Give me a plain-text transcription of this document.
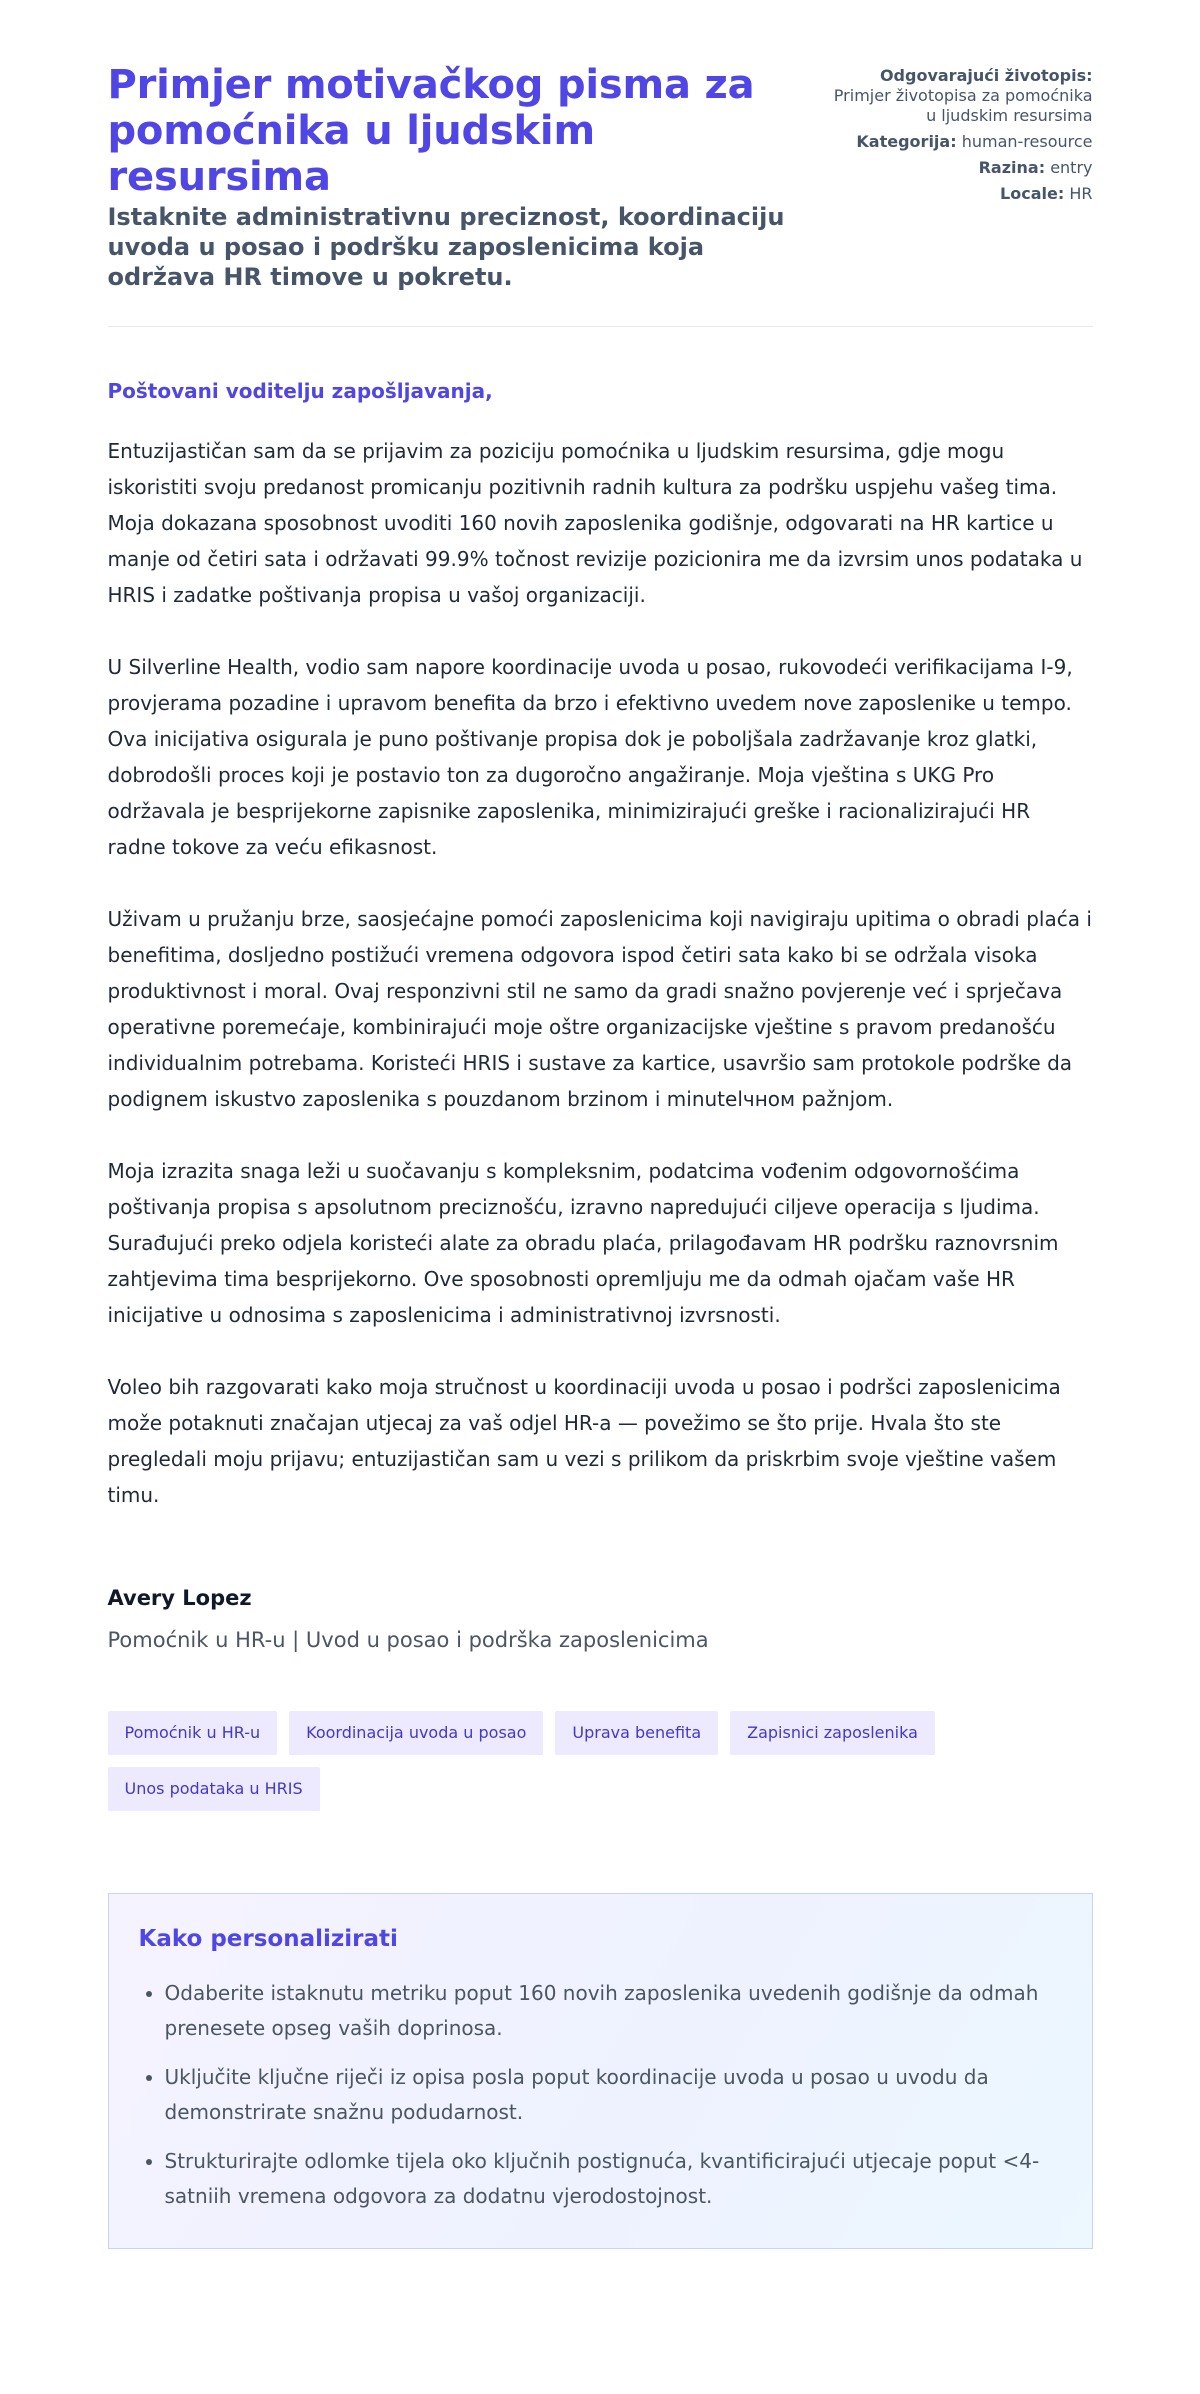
Primjer motivačkog pisma za pomoćnika u ljudskim resursima
Istaknite administrativnu preciznost, koordinaciju uvoda u posao i podršku zaposlenicima koja održava HR timove u pokretu.
Odgovarajući životopis:
Primjer životopisa za pomoćnika u ljudskim resursima
Kategorija: human-resource
Razina: entry
Locale: HR

Poštovani voditelju zapošljavanja,

Entuzijastičan sam da se prijavim za poziciju pomoćnika u ljudskim resursima, gdje mogu iskoristiti svoju predanost promicanju pozitivnih radnih kultura za podršku uspjehu vašeg tima. Moja dokazana sposobnost uvoditi 160 novih zaposlenika godišnje, odgovarati na HR kartice u manje od četiri sata i održavati 99.9% točnost revizije pozicionira me da izvrsim unos podataka u HRIS i zadatke poštivanja propisa u vašoj organizaciji.

U Silverline Health, vodio sam napore koordinacije uvoda u posao, rukovodeći verifikacijama I-9, provjerama pozadine i upravom benefita da brzo i efektivno uvedem nove zaposlenike u tempo. Ova inicijativa osigurala je puno poštivanje propisa dok je poboljšala zadržavanje kroz glatki, dobrodošli proces koji je postavio ton za dugoročno angažiranje. Moja vještina s UKG Pro održavala je besprijekorne zapisnike zaposlenika, minimizirajući greške i racionalizirajući HR radne tokove za veću efikasnost.

Uživam u pružanju brze, saosjećajne pomoći zaposlenicima koji navigiraju upitima o obradi plaća i benefitima, dosljedno postižući vremena odgovora ispod četiri sata kako bi se održala visoka produktivnost i moral. Ovaj responzivni stil ne samo da gradi snažno povjerenje već i sprječava operativne poremećaje, kombinirajući moje oštre organizacijske vještine s pravom predanošću individualnim potrebama. Koristeći HRIS i sustave za kartice, usavršio sam protokole podrške da podignem iskustvo zaposlenika s pouzdanom brzinom i minutelчном pažnjom.

Moja izrazita snaga leži u suočavanju s kompleksnim, podatcima vođenim odgovornošćima poštivanja propisa s apsolutnom preciznošću, izravno napredujući ciljeve operacija s ljudima. Surađujući preko odjela koristeći alate za obradu plaća, prilagođavam HR podršku raznovrsnim zahtjevima tima besprijekorno. Ove sposobnosti opremljuju me da odmah ojačam vaše HR inicijative u odnosima s zaposlenicima i administrativnoj izvrsnosti.

Voleo bih razgovarati kako moja stručnost u koordinaciji uvoda u posao i podršci zaposlenicima može potaknuti značajan utjecaj za vaš odjel HR-a — povežimo se što prije. Hvala što ste pregledali moju prijavu; entuzijastičan sam u vezi s prilikom da priskrbim svoje vještine vašem timu.

Avery Lopez
Pomoćnik u HR-u | Uvod u posao i podrška zaposlenicima
Pomoćnik u HR-u	Koordinacija uvoda u posao	Uprava benefita	Zapisnici zaposlenika
Unos podataka u HRIS
Kako personalizirati
• Odaberite istaknutu metriku poput 160 novih zaposlenika uvedenih godišnje da odmah prenesete opseg vaših doprinosa.
• Uključite ključne riječi iz opisa posla poput koordinacije uvoda u posao u uvodu da demonstrirate snažnu podudarnost.
• Strukturirajte odlomke tijela oko ključnih postignuća, kvantificirajući utjecaje poput <4-satniih vremena odgovora za dodatnu vjerodostojnost.
